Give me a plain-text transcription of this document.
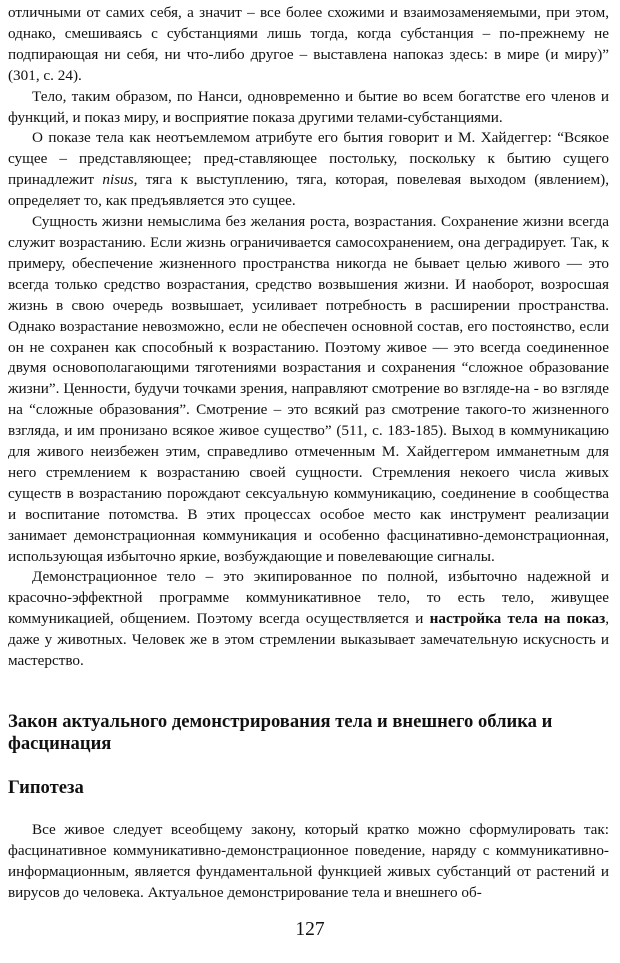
отличными от самих себя, а значит – все более схожими и взаимозаменяемыми, при этом, однако, смешиваясь с субстанциями лишь тогда, когда субстанция – по-прежнему не подпирающая ни себя, ни что-либо другое – выставлена напоказ здесь: в мире (и миру)” (301, с. 24).

Тело, таким образом, по Нанси, одновременно и бытие во всем богатстве его членов и функций, и показ миру, и восприятие показа другими телами-субстанциями.

О показе тела как неотъемлемом атрибуте его бытия говорит и М. Хайдеггер: “Всякое сущее – представляющее; пред-ставляющее постольку, поскольку к бытию сущего принадлежит nisus, тяга к выступлению, тяга, которая, повелевая выходом (явлением), определяет то, как предъявляется это сущее.

Сущность жизни немыслима без желания роста, возрастания. Сохранение жизни всегда служит возрастанию. Если жизнь ограничивается самосохранением, она деградирует. Так, к примеру, обеспечение жизненного пространства никогда не бывает целью живого — это всегда только средство возрастания, средство возвышения жизни. И наоборот, возросшая жизнь в свою очередь возвышает, усиливает потребность в расширении пространства. Однако возрастание невозможно, если не обеспечен основной состав, его постоянство, если он не сохранен как способный к возрастанию. Поэтому живое — это всегда соединенное двумя основополагающими тяготениями возрастания и сохранения “сложное образование жизни”. Ценности, будучи точками зрения, направляют смотрение во взгляде-на - во взгляде на “сложные образования”. Смотрение – это всякий раз смотрение такого-то жизненного взгляда, и им пронизано всякое живое существо” (511, с. 183-185). Выход в коммуникацию для живого неизбежен этим, справедливо отмеченным М. Хайдеггером имманетным для него стремлением к возрастанию своей сущности. Стремления некоего числа живых существ в возрастанию порождают сексуальную коммуникацию, соединение в сообщества и воспитание потомства. В этих процессах особое место как инструмент реализации занимает демонстрационная коммуникация и особенно фасцинативно-демонстрационная, использующая избыточно яркие, возбуждающие и повелевающие сигналы.

Демонстрационное тело – это экипированное по полной, избыточно надежной и красочно-эффектной программе коммуникативное тело, то есть тело, живущее коммуникацией, общением. Поэтому всегда осуществляется и настройка тела на показ, даже у животных. Человек же в этом стремлении выказывает замечательную искусность и мастерство.

Закон актуального демонстрирования тела и внешнего облика и фасцинация
Гипотеза

Все живое следует всеобщему закону, который кратко можно сформулировать так: фасцинативное коммуникативно-демонстрационное поведение, наряду с коммуникативно-информационным, является фундаментальной функцией живых субстанций от растений и вирусов до человека. Актуальное демонстрирование тела и внешнего об-

127
